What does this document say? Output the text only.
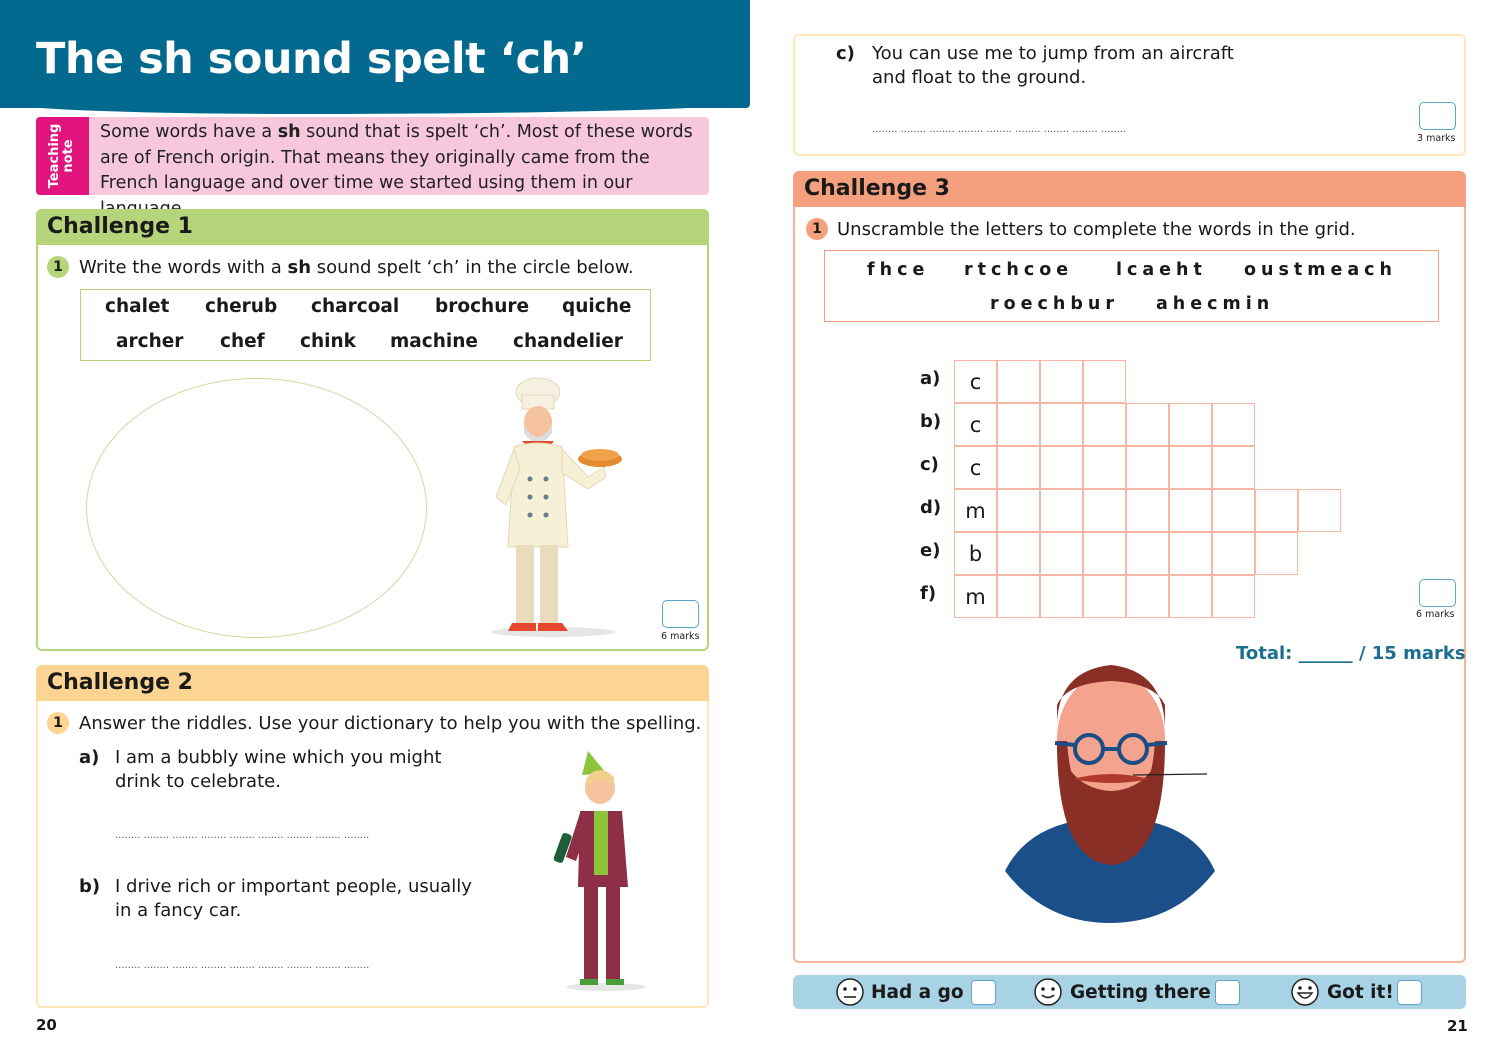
The sh sound spelt ‘ch’
Teaching
note
Some words have a sh sound that is spelt ‘ch’. Most of these words are of French origin. That means they originally came from the French language and over time we started using them in our
Challenge 1
1 Write the words with a sh sound spelt ‘ch’ in the circle below.
chalet cherub charcoal brochure quiche
archer chef chink machine chandelier
6 marks
Challenge 2
1 Answer the riddles. Use your dictionary to help you with the spelling.
a) I am a bubbly wine which you might
drink to celebrate.
........ ........ ........ ........ ........ ........ ........ ........ ........
b) I drive rich or important people, usually
in a fancy car.
........ ........ ........ ........ ........ ........ ........ ........ ........
20
c) You can use me to jump from an aircraft
and float to the ground.
........ ........ ........ ........ ........ ........ ........ ........ ........
3 marks
Challenge 3
1 Unscramble the letters to complete the words in the grid.
fhce rtchcoe lcaeht oustmeach
roechbur ahecmin
a)	c
b)	c
c)	c
d)	m
e)	b
f)	m
6 marks
Total: ______ / 15 marks
Had a go	Getting there	Got it!
21
